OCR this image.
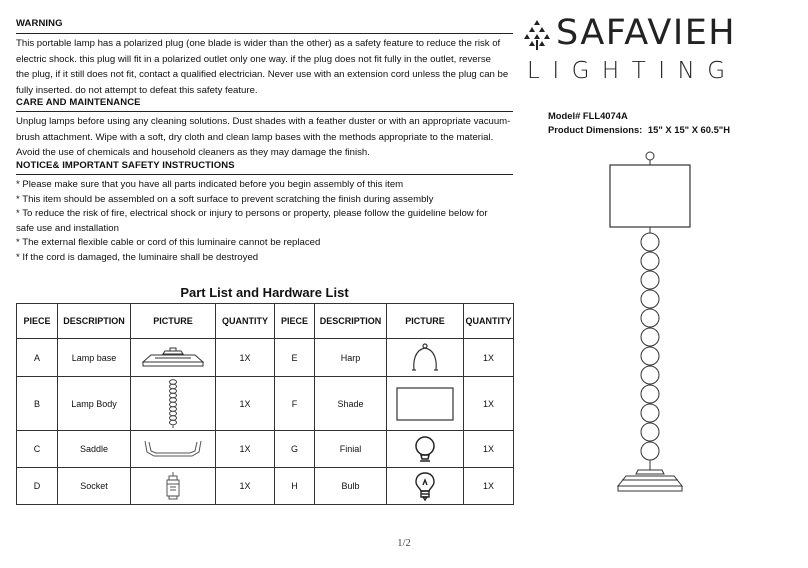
WARNING

This portable lamp has a polarized plug (one blade is wider than the other) as a safety feature to reduce the risk of

electric shock. this plug will fit in a polarized outlet only one way. if the plug does not fit fully in the outlet, reverse

the plug, if it still does not fit, contact a qualified electrician. Never use with an extension cord unless the plug can be

fully inserted. do not attempt to defeat this safety feature.

CARE AND MAINTENANCE

Unplug lamps before using any cleaning solutions. Dust shades with a feather duster or with an appropriate vacuum-

brush attachment. Wipe with a soft, dry cloth and clean lamp bases with the methods appropriate to the material.

Avoid the use of chemicals and household cleaners as they may damage the finish.

NOTICE& IMPORTANT SAFETY INSTRUCTIONS
* Please make sure that you have all parts indicated before you begin assembly of this item
* This item should be assembled on a soft surface to prevent scratching the finish during assembly
* To reduce the risk of fire, electrical shock or injury to persons or property, please follow the guideline below for
safe use and installation
* The external flexible cable or cord of this luminaire cannot be replaced
* If the cord is damaged, the luminaire shall be destroyed
SAFAVIEH
LIGHTING
Model# FLL4074A
Product Dimensions: 15" X 15" X 60.5"H
Part List and Hardware List
PIECE	DESCRIPTION	PICTURE	QUANTITY	PIECE	DESCRIPTION	PICTURE	QUANTITY
A	Lamp base		1X	E	Harp		1X
B	Lamp Body		1X	F	Shade		1X
C	Saddle		1X	G	Finial		1X
D	Socket		1X	H	Bulb		1X
1/2
